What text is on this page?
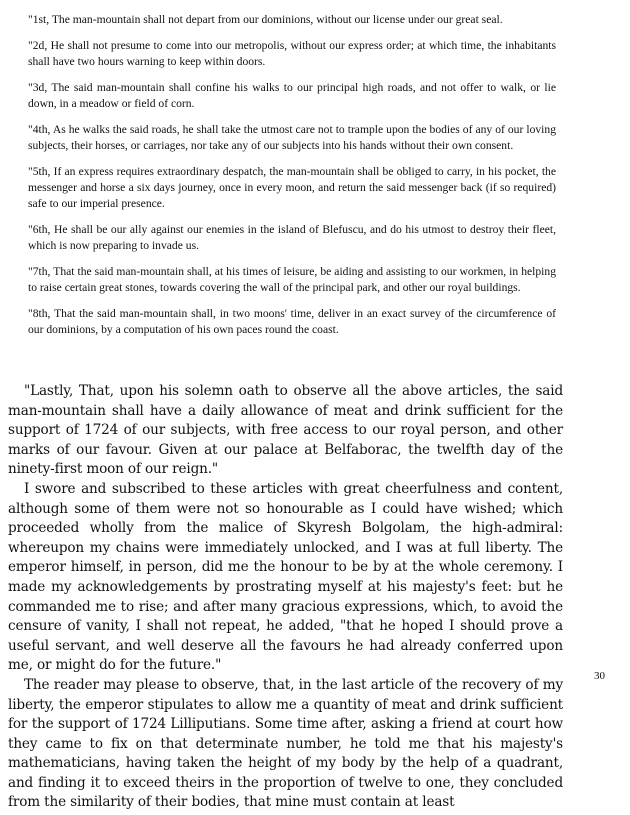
"1st, The man-mountain shall not depart from our dominions, without our license under our great seal.

"2d, He shall not presume to come into our metropolis, without our express order; at which time, the inhabitants shall have two hours warning to keep within doors.

"3d, The said man-mountain shall confine his walks to our principal high roads, and not offer to walk, or lie down, in a meadow or field of corn.

"4th, As he walks the said roads, he shall take the utmost care not to trample upon the bodies of any of our loving subjects, their horses, or carriages, nor take any of our subjects into his hands without their own consent.

"5th, If an express requires extraordinary despatch, the man-mountain shall be obliged to carry, in his pocket, the messenger and horse a six days journey, once in every moon, and return the said messenger back (if so required) safe to our imperial presence.

"6th, He shall be our ally against our enemies in the island of Blefuscu, and do his utmost to destroy their fleet, which is now preparing to invade us.

"7th, That the said man-mountain shall, at his times of leisure, be aiding and assisting to our workmen, in helping to raise certain great stones, towards covering the wall of the principal park, and other our royal buildings.

"8th, That the said man-mountain shall, in two moons' time, deliver in an exact survey of the circumference of our dominions, by a computation of his own paces round the coast.

"Lastly, That, upon his solemn oath to observe all the above articles, the said man-mountain shall have a daily allowance of meat and drink sufficient for the support of 1724 of our subjects, with free access to our royal person, and other marks of our favour. Given at our palace at Belfaborac, the twelfth day of the ninety-first moon of our reign."

I swore and subscribed to these articles with great cheerfulness and content, although some of them were not so honourable as I could have wished; which proceeded wholly from the malice of Skyresh Bolgolam, the high-admiral: whereupon my chains were immediately unlocked, and I was at full liberty. The emperor himself, in person, did me the honour to be by at the whole ceremony. I made my acknowledgements by prostrating myself at his majesty's feet: but he commanded me to rise; and after many gracious expressions, which, to avoid the censure of vanity, I shall not repeat, he added, "that he hoped I should prove a useful servant, and well deserve all the favours he had already conferred upon me, or might do for the future."

The reader may please to observe, that, in the last article of the recovery of my liberty, the emperor stipulates to allow me a quantity of meat and drink sufficient for the support of 1724 Lilliputians. Some time after, asking a friend at court how they came to fix on that determinate number, he told me that his majesty's mathematicians, having taken the height of my body by the help of a quadrant, and finding it to exceed theirs in the proportion of twelve to one, they concluded from the similarity of their bodies, that mine must contain at least

30
